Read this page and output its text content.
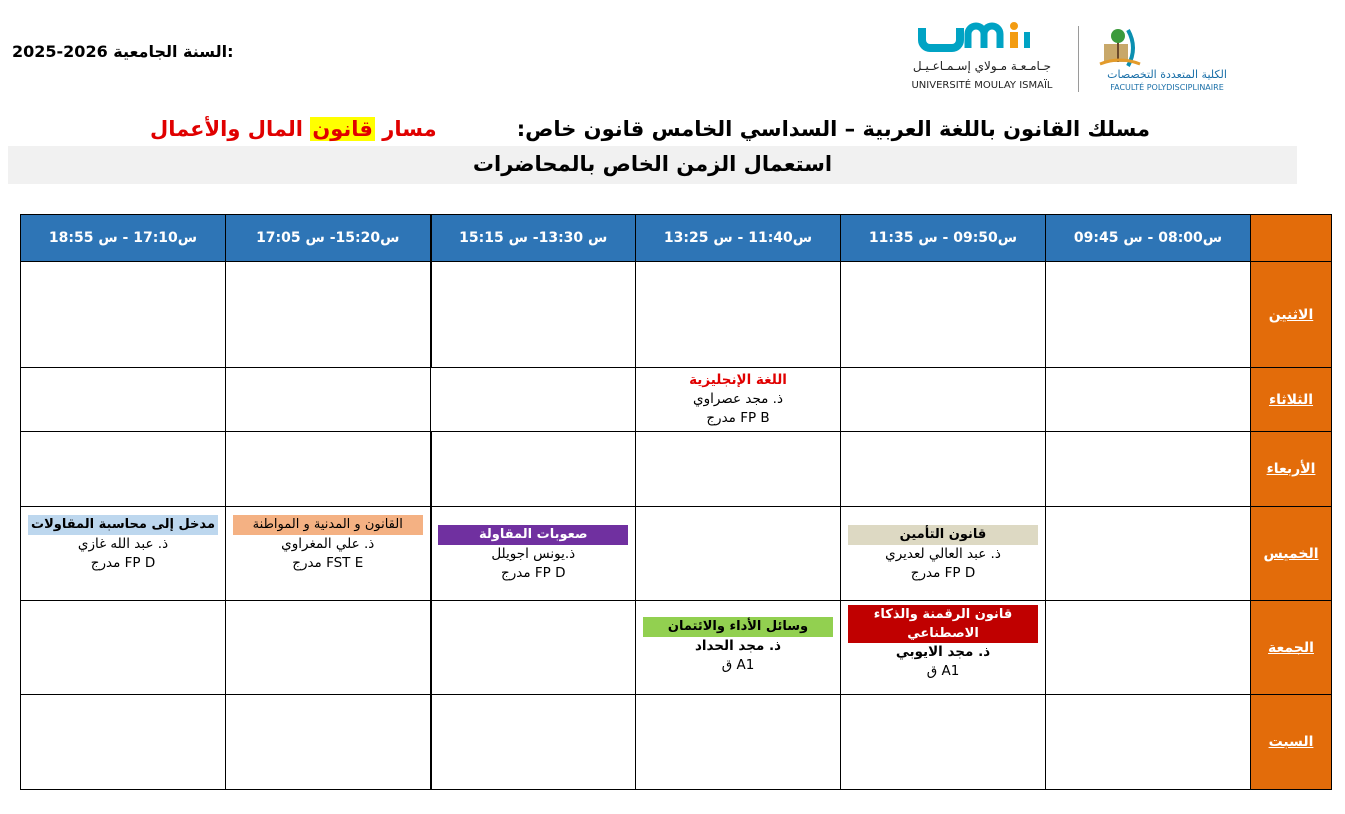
2025-2026 السنة الجامعية:
جـامـعـة مـولاي إسـمـاعـيـل
UNIVERSITÉ MOULAY ISMAÏL
الكلية المتعددة التخصصات
FACULTÉ POLYDISCIPLINAIRE
مسلك القانون باللغة العربية – السداسي الخامس قانون خاص:
مسار قانون المال والأعمال
استعمال الزمن الخاص بالمحاضرات
س17:10 - س 18:55	س15:20- س 17:05	س 13:30- س 15:15	س11:40 - س 13:25	س09:50 - س 11:35	س08:00 - س 09:45	
						الاثنين

			اللغة الإنجليزية
ذ. مجد عصراوي
مدرج FP B			الثلاثاء
						الأربعاء
مدخل إلى محاسبة المقاولات
ذ. عبد الله غازي
مدرج FP D	القانون و المدنية و المواطنة
ذ. علي المغراوي
مدرج FST E	صعوبات المقاولة
ذ.يونس اجويلل
مدرج FP D		قانون التأمين
ذ. عبد العالي لعديري
مدرج FP D		الخميس
			وسائل الأداء والائتمان
ذ. مجد الحداد
ق A1	قانون الرقمنة والذكاء الاصطناعي
ذ. مجد الايوبي
ق A1		الجمعة
						السبت
